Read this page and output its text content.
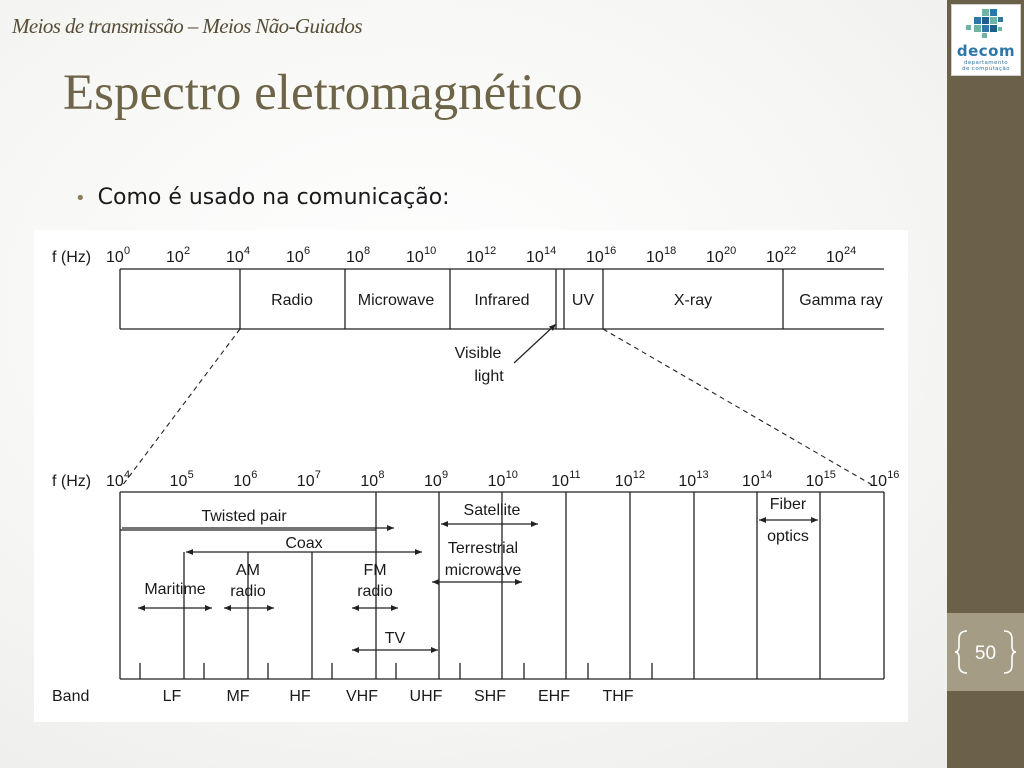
decom
departamento
de computação
50
Meios de transmissão – Meios Não-Guiados
Espectro eletromagnético
• Como é usado na comunicação:
f (Hz) 10 0 10 2 10 4 10 6 10 8 10 10 10 12 10 14 10 16 10 18 10 20 10 22 10 24
Radio	Microwave	Infrared	UV	X-ray	Gamma ray
Visible
light
f (Hz) 10 4 10 5 10 6 10 7 10 8 10 9 10 10 10 11 10 12 10 13 10 14 10 15 10 16
Twisted pair
Coax
AM
radio
Maritime
FM
radio
TV
Satellite
Terrestrial
microwave
Fiber
optics
Band	LF	MF HF VHF UHF SHF EHF THF
